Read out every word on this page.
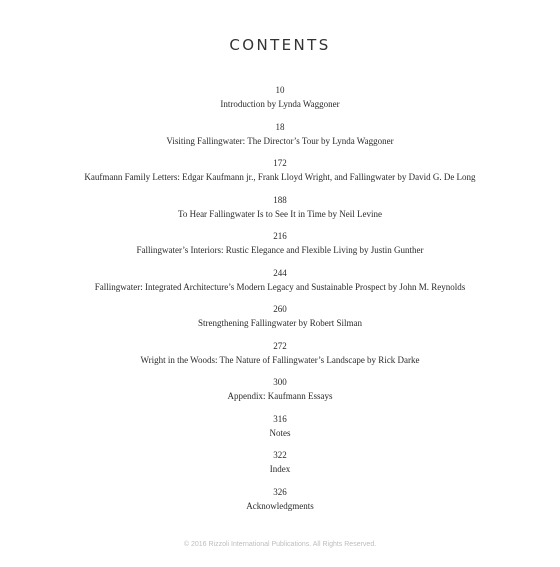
CONTENTS
10
Introduction by Lynda Waggoner
18
Visiting Fallingwater: The Director’s Tour by Lynda Waggoner
172
Kaufmann Family Letters: Edgar Kaufmann jr., Frank Lloyd Wright, and Fallingwater by David G. De Long
188
To Hear Fallingwater Is to See It in Time by Neil Levine
216
Fallingwater’s Interiors: Rustic Elegance and Flexible Living by Justin Gunther
244
Fallingwater: Integrated Architecture’s Modern Legacy and Sustainable Prospect by John M. Reynolds
260
Strengthening Fallingwater by Robert Silman
272
Wright in the Woods: The Nature of Fallingwater’s Landscape by Rick Darke
300
Appendix: Kaufmann Essays
316
Notes
322
Index
326
Acknowledgments
© 2016 Rizzoli International Publications. All Rights Reserved.
